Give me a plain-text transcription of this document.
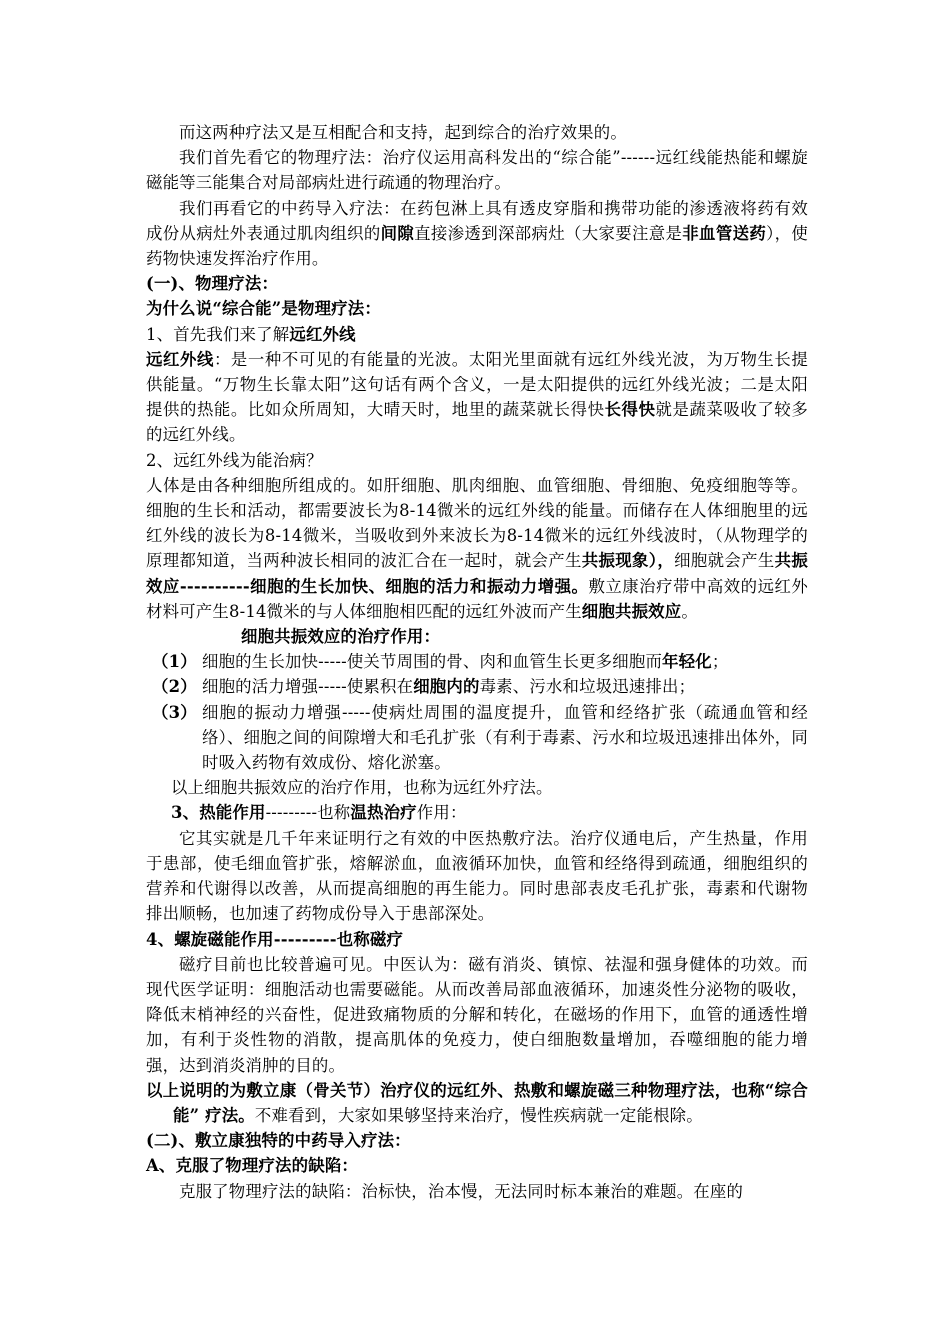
而这两种疗法又是互相配合和支持，起到综合的治疗效果的。

我们首先看它的物理疗法：治疗仪运用高科发出的“综合能”------远红线能热能和螺旋磁能等三能集合对局部病灶进行疏通的物理治疗。

我们再看它的中药导入疗法：在药包淋上具有透皮穿脂和携带功能的渗透液将药有效成份从病灶外表通过肌肉组织的间隙直接渗透到深部病灶（大家要注意是非血管送药），使药物快速发挥治疗作用。

(一)、物理疗法：

为什么说“综合能”是物理疗法：

1、首先我们来了解远红外线

远红外线：是一种不可见的有能量的光波。太阳光里面就有远红外线光波，为万物生长提供能量。“万物生长靠太阳”这句话有两个含义，一是太阳提供的远红外线光波；二是太阳提供的热能。比如众所周知，大晴天时，地里的蔬菜就长得快长得快就是蔬菜吸收了较多的远红外线。

2、远红外线为能治病？

人体是由各种细胞所组成的。如肝细胞、肌肉细胞、血管细胞、骨细胞、免疫细胞等等。细胞的生长和活动，都需要波长为8-14微米的远红外线的能量。而储存在人体细胞里的远红外线的波长为8-14微米，当吸收到外来波长为8-14微米的远红外线波时，（从物理学的原理都知道，当两种波长相同的波汇合在一起时，就会产生共振现象），细胞就会产生共振效应----------细胞的生长加快、细胞的活力和振动力增强。敷立康治疗带中高效的远红外材料可产生8-14微米的与人体细胞相匹配的远红外波而产生细胞共振效应。

细胞共振效应的治疗作用：

（1） 细胞的生长加快-----使关节周围的骨、肉和血管生长更多细胞而年轻化；
（2） 细胞的活力增强-----使累积在细胞内的毒素、污水和垃圾迅速排出；
（3） 细胞的振动力增强-----使病灶周围的温度提升，血管和经络扩张（疏通血管和经络）、细胞之间的间隙增大和毛孔扩张（有利于毒素、污水和垃圾迅速排出体外，同时吸入药物有效成份、熔化淤塞。

以上细胞共振效应的治疗作用，也称为远红外疗法。

3、热能作用---------也称温热治疗作用：

它其实就是几千年来证明行之有效的中医热敷疗法。治疗仪通电后，产生热量，作用于患部，使毛细血管扩张，熔解淤血，血液循环加快，血管和经络得到疏通，细胞组织的营养和代谢得以改善，从而提高细胞的再生能力。同时患部表皮毛孔扩张，毒素和代谢物排出顺畅，也加速了药物成份导入于患部深处。

4、螺旋磁能作用---------也称磁疗

磁疗目前也比较普遍可见。中医认为：磁有消炎、镇惊、祛湿和强身健体的功效。而现代医学证明：细胞活动也需要磁能。从而改善局部血液循环，加速炎性分泌物的吸收，降低末梢神经的兴奋性，促进致痛物质的分解和转化，在磁场的作用下，血管的通透性增加，有利于炎性物的消散，提高肌体的免疫力，使白细胞数量增加，吞噬细胞的能力增强，达到消炎消肿的目的。

以上说明的为敷立康（骨关节）治疗仪的远红外、热敷和螺旋磁三种物理疗法，也称“综合能” 疗法。不难看到，大家如果够坚持来治疗，慢性疾病就一定能根除。

(二)、敷立康独特的中药导入疗法：

A、克服了物理疗法的缺陷：

克服了物理疗法的缺陷：治标快，治本慢，无法同时标本兼治的难题。在座的
